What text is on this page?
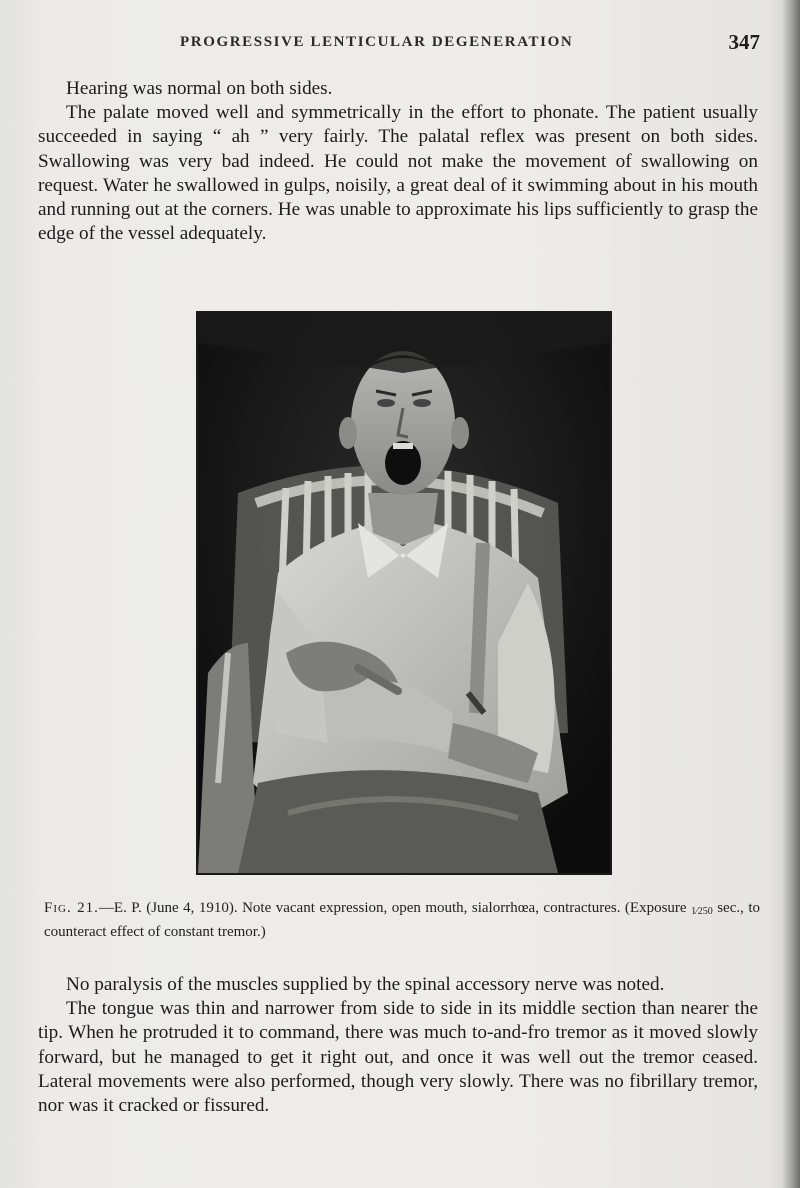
PROGRESSIVE LENTICULAR DEGENERATION	347

Hearing was normal on both sides.

The palate moved well and symmetrically in the effort to phonate. The patient usually succeeded in saying “ ah ” very fairly. The palatal reflex was present on both sides. Swallowing was very bad indeed. He could not make the movement of swallowing on request. Water he swallowed in gulps, noisily, a great deal of it swimming about in his mouth and running out at the corners. He was unable to approximate his lips sufficiently to grasp the edge of the vessel adequately.

Fig. 21.—E. P. (June 4, 1910). Note vacant expression, open mouth, sialorrhœa, contractures. (Exposure 1⁄250 sec., to counteract effect of constant tremor.)

No paralysis of the muscles supplied by the spinal accessory nerve was noted.

The tongue was thin and narrower from side to side in its middle section than nearer the tip. When he protruded it to command, there was much to-and-fro tremor as it moved slowly forward, but he managed to get it right out, and once it was well out the tremor ceased. Lateral movements were also performed, though very slowly. There was no fibrillary tremor, nor was it cracked or fissured.
